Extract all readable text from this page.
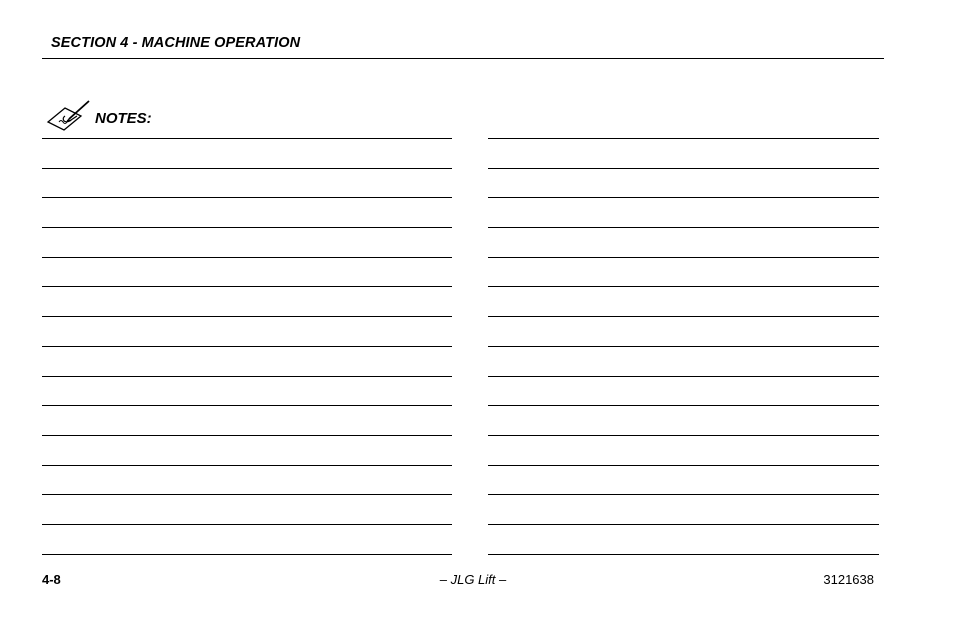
SECTION 4 - MACHINE OPERATION
NOTES:
4-8	– JLG Lift –	3121638
